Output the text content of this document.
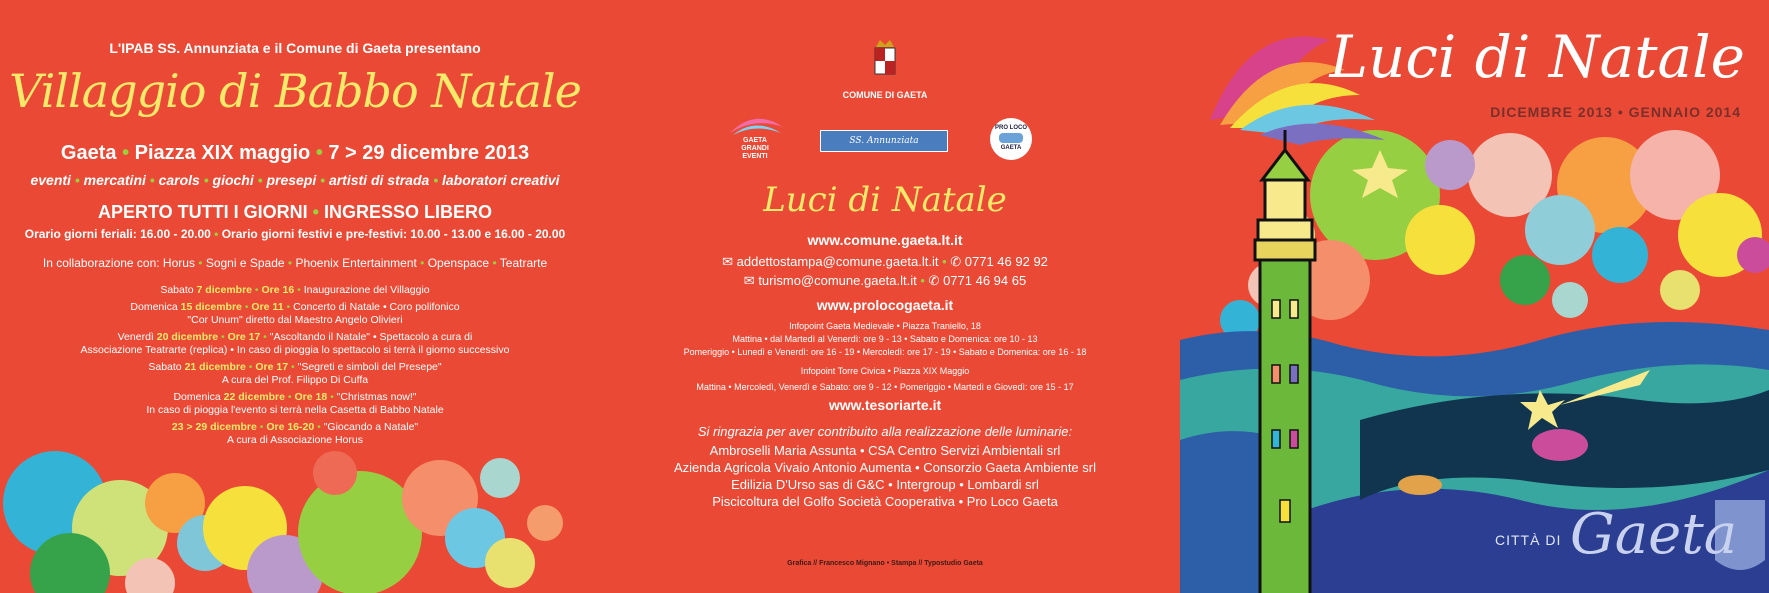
L'IPAB SS. Annunziata e il Comune di Gaeta presentano
Villaggio di Babbo Natale
Gaeta • Piazza XIX maggio • 7 > 29 dicembre 2013
eventi • mercatini • carols • giochi • presepi • artisti di strada • laboratori creativi
APERTO TUTTI I GIORNI • INGRESSO LIBERO
Orario giorni feriali: 16.00 - 20.00 • Orario giorni festivi e pre-festivi: 10.00 - 13.00 e 16.00 - 20.00
In collaborazione con: Horus • Sogni e Spade • Phoenix Entertainment • Openspace • Teatrarte
Sabato 7 dicembre • Ore 16 • Inaugurazione del Villaggio
Domenica 15 dicembre • Ore 11 • Concerto di Natale • Coro polifonico
"Cor Unum" diretto dal Maestro Angelo Olivieri
Venerdì 20 dicembre • Ore 17 • "Ascoltando il Natale" • Spettacolo a cura di
Associazione Teatrarte (replica) • In caso di pioggia lo spettacolo si terrà il giorno successivo
Sabato 21 dicembre • Ore 17 • "Segreti e simboli del Presepe"
A cura del Prof. Filippo Di Cuffa
Domenica 22 dicembre • Ore 18 • "Christmas now!"
In caso di pioggia l'evento si terrà nella Casetta di Babbo Natale
23 > 29 dicembre • Ore 16-20 • "Giocando a Natale"
A cura di Associazione Horus
COMUNE DI GAETA
GAETA
GRANDI
EVENTI
SS. Annunziata
PRO LOCO
GAETA
Luci di Natale
www.comune.gaeta.lt.it
✉ addettostampa@comune.gaeta.lt.it • ✆ 0771 46 92 92
✉ turismo@comune.gaeta.lt.it • ✆ 0771 46 94 65
www.prolocogaeta.it
Infopoint Gaeta Medievale • Piazza Traniello, 18
Mattina • dal Martedì al Venerdì: ore 9 - 13 • Sabato e Domenica: ore 10 - 13
Pomeriggio • Lunedì e Venerdì: ore 16 - 19 • Mercoledì: ore 17 - 19 • Sabato e Domenica: ore 16 - 18
Infopoint Torre Civica • Piazza XIX Maggio
Mattina • Mercoledì, Venerdì e Sabato: ore 9 - 12 • Pomeriggio • Martedì e Giovedì: ore 15 - 17
www.tesoriarte.it
Si ringrazia per aver contribuito alla realizzazione delle luminarie:
Ambroselli Maria Assunta • CSA Centro Servizi Ambientali srl
Azienda Agricola Vivaio Antonio Aumenta • Consorzio Gaeta Ambiente srl
Edilizia D'Urso sas di G&C • Intergroup • Lombardi srl
Piscicoltura del Golfo Società Cooperativa • Pro Loco Gaeta
Grafica // Francesco Mignano • Stampa // Typostudio Gaeta
Luci di Natale
DICEMBRE 2013 • GENNAIO 2014
CITTÀ DI Gaeta
